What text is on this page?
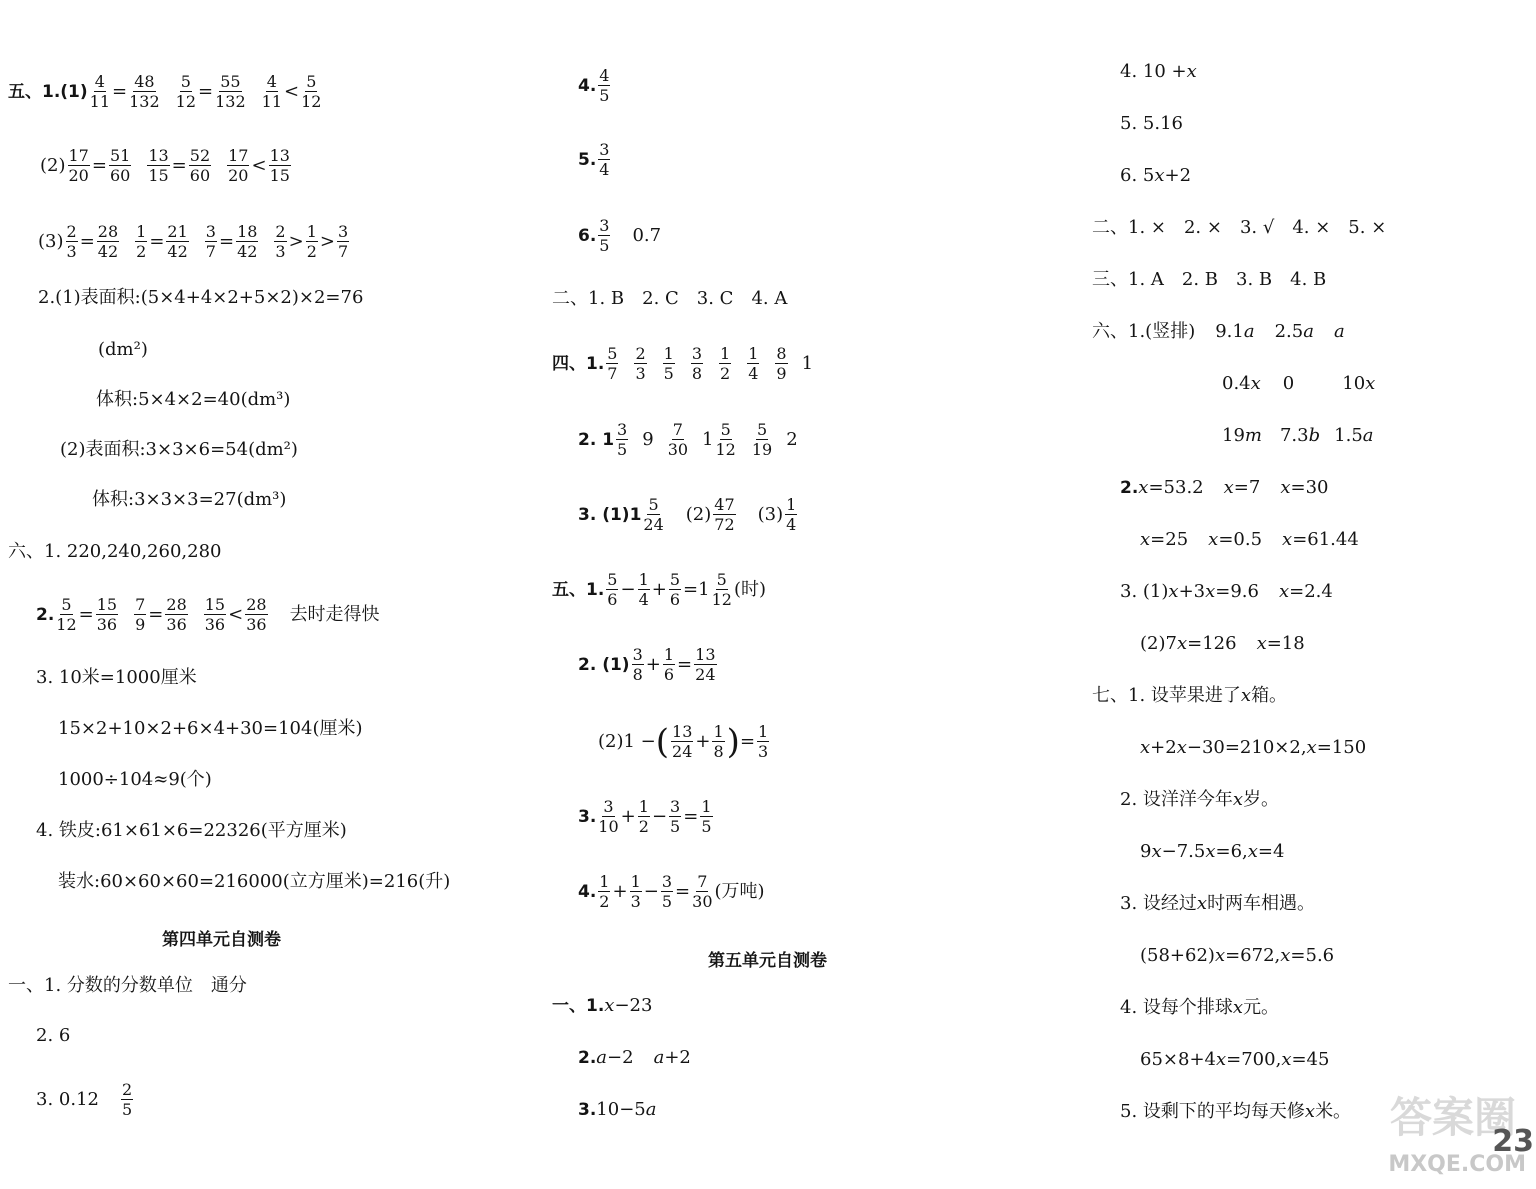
五、1.(1) 4
11 = 48
132
5
12 = 55
132
4
11 < 5
12
(2) 17
20 = 51
60
13
15 = 52
60
17
20 < 13
15
(3) 2
3 = 28
42
1
2 = 21
42
3
7 = 18
42
2
3 > 1
2 > 3
7
2.(1)表面积:(5×4+4×2+5×2)×2=76
(dm²)
体积:5×4×2=40(dm³)
(2)表面积:3×3×6=54(dm²)
体积:3×3×3=27(dm³)
六、1. 220,240,260,280
2. 5
12 = 15
36
7
9 = 28
36
15
36 < 28
36 去时走得快
3. 10米=1000厘米
15×2+10×2+6×4+30=104(厘米)
1000÷104≈9(个)
4. 铁皮:61×61×6=22326(平方厘米)
装水:60×60×60=216000(立方厘米)=216(升)
第四单元自测卷
一、1. 分数的分数单位　通分
2. 6
3. 0.12 2
5
4. 4
5
5. 3
4
6. 3
5 0.7
二、1. B　2. C　3. C　4. A
四、1. 5
7
2
3
1
5
3
8
1
2
1
4
8
9 1
2. 1 3
5 9 7
30 1 5
12
5
19 2
3. (1)1 5
24 (2) 47
72 (3) 1
4
五、1. 5
6 − 1
4 + 5
6 =1 5
12 (时)
2. (1) 3
8 + 1
6 = 13
24
(2)1 − ( 13
24 + 1
8 ) = 1
3
3. 3
10 + 1
2 − 3
5 = 1
5
4. 1
2 + 1
3 − 3
5 = 7
30 (万吨)
第五单元自测卷
一、1. x −23
2. a −2 a +2
3. 10−5 a
4. 10 + x
5. 5.16
6. 5 x +2
二、1. ×　2. ×　3. √　4. ×　5. ×
三、1. A　2. B　3. B　4. B
六、1.(竖排) 9.1 a 2.5 a a
0.4 x 0	10 x
19 m 7.3 b 1.5 a
2. x =53.2 x =7 x =30
x =25 x =0.5 x =61.44
3. (1) x +3 x =9.6 x =2.4
(2) 7 x =126 x =18
七、1. 设苹果进了 x 箱。
x +2 x −30=210×2, x =150
2. 设洋洋今年 x 岁。
9 x −7.5 x =6, x =4
3. 设经过 x 时两车相遇。
(58+62) x =672, x =5.6
4. 设每个排球 x 元。
65×8+4 x =700, x =45
5. 设剩下的平均每天修 x 米。 答案圈
23
MXQE.COM
